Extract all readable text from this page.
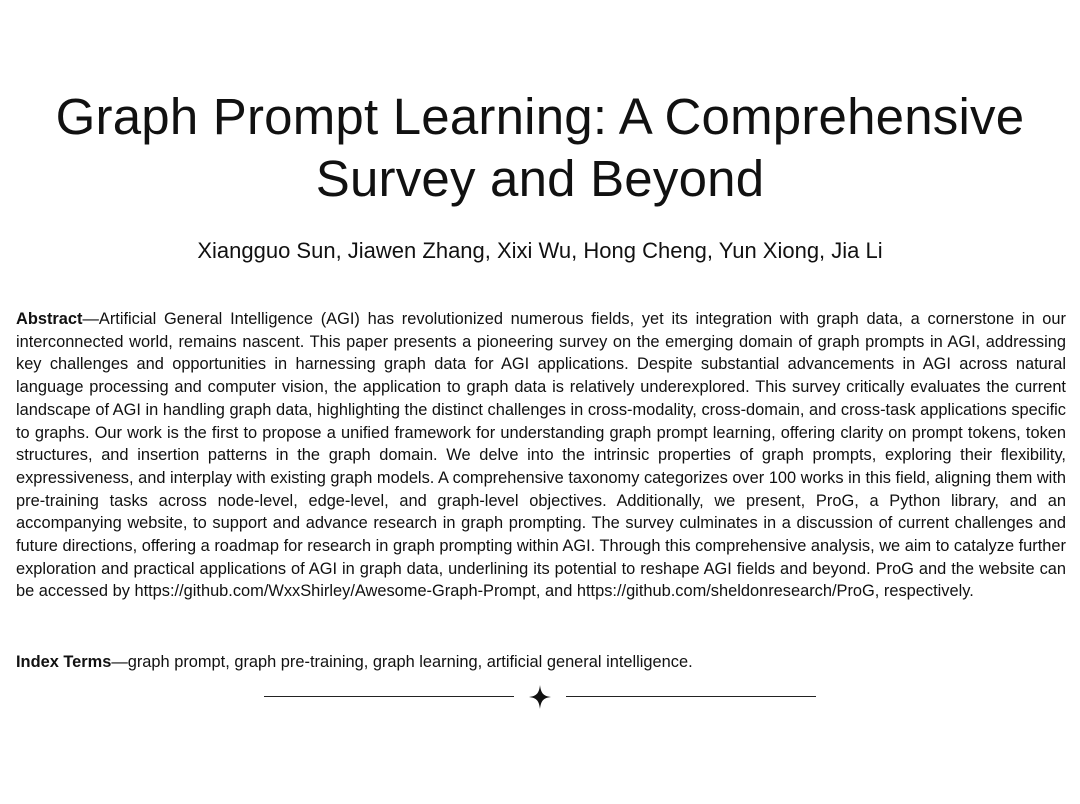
Graph Prompt Learning: A Comprehensive Survey and Beyond
Xiangguo Sun, Jiawen Zhang, Xixi Wu, Hong Cheng, Yun Xiong, Jia Li

Abstract—Artificial General Intelligence (AGI) has revolutionized numerous fields, yet its integration with graph data, a cornerstone in our interconnected world, remains nascent. This paper presents a pioneering survey on the emerging domain of graph prompts in AGI, addressing key challenges and opportunities in harnessing graph data for AGI applications. Despite substantial advancements in AGI across natural language processing and computer vision, the application to graph data is relatively underexplored. This survey critically evaluates the current landscape of AGI in handling graph data, highlighting the distinct challenges in cross-modality, cross-domain, and cross-task applications specific to graphs. Our work is the first to propose a unified framework for understanding graph prompt learning, offering clarity on prompt tokens, token structures, and insertion patterns in the graph domain. We delve into the intrinsic properties of graph prompts, exploring their flexibility, expressiveness, and interplay with existing graph models. A comprehensive taxonomy categorizes over 100 works in this field, aligning them with pre-training tasks across node-level, edge-level, and graph-level objectives. Additionally, we present, ProG, a Python library, and an accompanying website, to support and advance research in graph prompting. The survey culminates in a discussion of current challenges and future directions, offering a roadmap for research in graph prompting within AGI. Through this comprehensive analysis, we aim to catalyze further exploration and practical applications of AGI in graph data, underlining its potential to reshape AGI fields and beyond. ProG and the website can be accessed by https://github.com/WxxShirley/Awesome-Graph-Prompt, and https://github.com/sheldonresearch/ProG, respectively.

Index Terms—graph prompt, graph pre-training, graph learning, artificial general intelligence.
